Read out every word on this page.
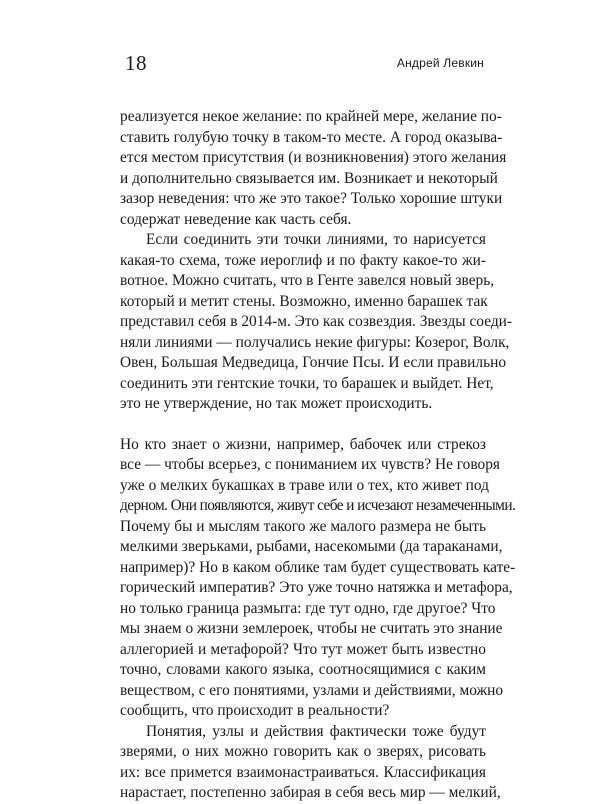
18	Андрей Левкин

реализуется некое желание: по крайней мере, желание по-
ставить голубую точку в таком-то месте. А город оказыва-
ется местом присутствия (и возникновения) этого желания
и дополнительно связывается им. Возникает и некоторый
зазор неведения: что же это такое? Только хорошие штуки
содержат неведение как часть себя.

Если соединить эти точки линиями, то нарисуется
какая-то схема, тоже иероглиф и по факту какое-то жи-
вотное. Можно считать, что в Генте завелся новый зверь,
который и метит стены. Возможно, именно барашек так
представил себя в 2014-м. Это как созвездия. Звезды соеди-
няли линиями — получались некие фигуры: Козерог, Волк,
Овен, Большая Медведица, Гончие Псы. И если правильно
соединить эти гентские точки, то барашек и выйдет. Нет,
это не утверждение, но так может происходить.

Но кто знает о жизни, например, бабочек или стрекоз
все — чтобы всерьез, с пониманием их чувств? Не говоря
уже о мелких букашках в траве или о тех, кто живет под
дерном. Они появляются, живут себе и исчезают незамеченными.
Почему бы и мыслям такого же малого размера не быть
мелкими зверьками, рыбами, насекомыми (да тараканами,
например)? Но в каком облике там будет существовать кате-
горический императив? Это уже точно натяжка и метафора,
но только граница размыта: где тут одно, где другое? Что
мы знаем о жизни землероек, чтобы не считать это знание
аллегорией и метафорой? Что тут может быть известно
точно, словами какого языка, соотносящимися с каким
веществом, с его понятиями, узлами и действиями, можно
сообщить, что происходит в реальности?

Понятия, узлы и действия фактически тоже будут
зверями, о них можно говорить как о зверях, рисовать
их: все примется взаимонастраиваться. Классификация
нарастает, постепенно забирая в себя весь мир — мелкий,
